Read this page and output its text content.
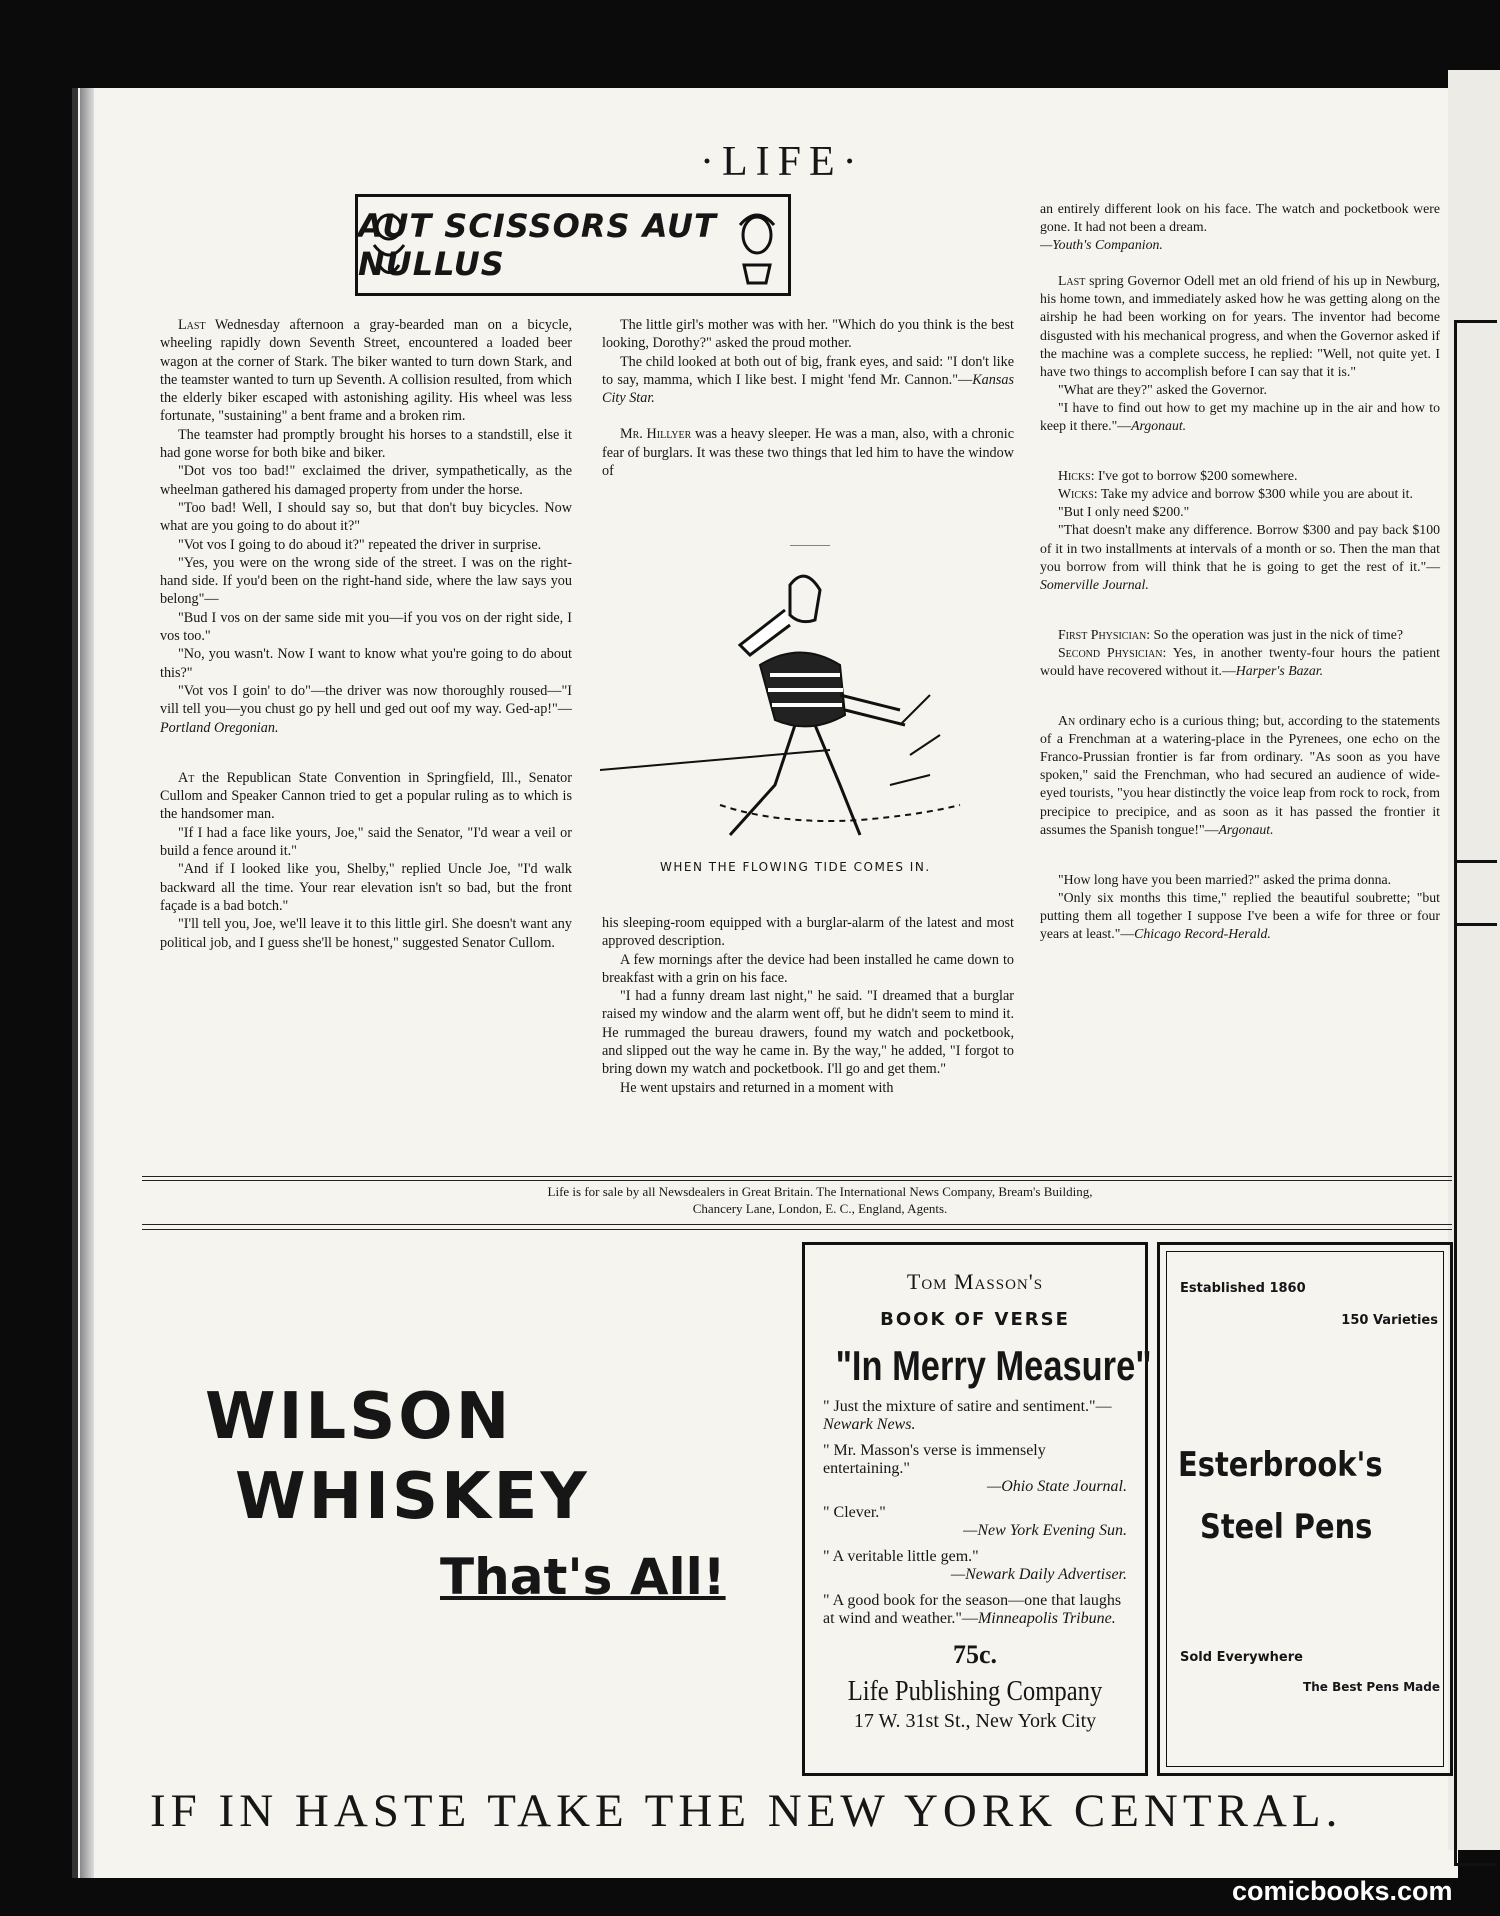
·LIFE·
AUT SCISSORS AUT NULLUS

Last Wednesday afternoon a gray-bearded man on a bicycle, wheeling rapidly down Seventh Street, encountered a loaded beer wagon at the corner of Stark. The biker wanted to turn down Stark, and the teamster wanted to turn up Seventh. A collision resulted, from which the elderly biker escaped with astonishing agility. His wheel was less fortunate, "sustaining" a bent frame and a broken rim.

The teamster had promptly brought his horses to a standstill, else it had gone worse for both bike and biker.

"Dot vos too bad!" exclaimed the driver, sympathetically, as the wheelman gathered his damaged property from under the horse.

"Too bad! Well, I should say so, but that don't buy bicycles. Now what are you going to do about it?"

"Vot vos I going to do aboud it?" repeated the driver in surprise.

"Yes, you were on the wrong side of the street. I was on the right-hand side. If you'd been on the right-hand side, where the law says you belong"—

"Bud I vos on der same side mit you—if you vos on der right side, I vos too."

"No, you wasn't. Now I want to know what you're going to do about this?"

"Vot vos I goin' to do"—the driver was now thoroughly roused—"I vill tell you—you chust go py hell und ged out oof my way. Ged-ap!"—Portland Oregonian.

At the Republican State Convention in Springfield, Ill., Senator Cullom and Speaker Cannon tried to get a popular ruling as to which is the handsomer man.

"If I had a face like yours, Joe," said the Senator, "I'd wear a veil or build a fence around it."

"And if I looked like you, Shelby," replied Uncle Joe, "I'd walk backward all the time. Your rear elevation isn't so bad, but the front façade is a bad botch."

"I'll tell you, Joe, we'll leave it to this little girl. She doesn't want any political job, and I guess she'll be honest," suggested Senator Cullom.

The little girl's mother was with her. "Which do you think is the best looking, Dorothy?" asked the proud mother.

The child looked at both out of big, frank eyes, and said: "I don't like to say, mamma, which I like best. I might 'fend Mr. Cannon."—Kansas City Star.

Mr. Hillyer was a heavy sleeper. He was a man, also, with a chronic fear of burglars. It was these two things that led him to have the window of

WHEN THE FLOWING TIDE COMES IN.

his sleeping-room equipped with a burglar-alarm of the latest and most approved description.

A few mornings after the device had been installed he came down to breakfast with a grin on his face.

"I had a funny dream last night," he said. "I dreamed that a burglar raised my window and the alarm went off, but he didn't seem to mind it. He rummaged the bureau drawers, found my watch and pocketbook, and slipped out the way he came in. By the way," he added, "I forgot to bring down my watch and pocketbook. I'll go and get them."

He went upstairs and returned in a moment with

an entirely different look on his face. The watch and pocketbook were gone. It had not been a dream.
—Youth's Companion.

Last spring Governor Odell met an old friend of his up in Newburg, his home town, and immediately asked how he was getting along on the airship he had been working on for years. The inventor had become disgusted with his mechanical progress, and when the Governor asked if the machine was a complete success, he replied: "Well, not quite yet. I have two things to accomplish before I can say that it is."

"What are they?" asked the Governor.

"I have to find out how to get my machine up in the air and how to keep it there."—Argonaut.

Hicks: I've got to borrow $200 somewhere.

Wicks: Take my advice and borrow $300 while you are about it.

"But I only need $200."

"That doesn't make any difference. Borrow $300 and pay back $100 of it in two installments at intervals of a month or so. Then the man that you borrow from will think that he is going to get the rest of it."—Somerville Journal.

First Physician: So the operation was just in the nick of time?

Second Physician: Yes, in another twenty-four hours the patient would have recovered without it.—Harper's Bazar.

An ordinary echo is a curious thing; but, according to the statements of a Frenchman at a watering-place in the Pyrenees, one echo on the Franco-Prussian frontier is far from ordinary. "As soon as you have spoken," said the Frenchman, who had secured an audience of wide-eyed tourists, "you hear distinctly the voice leap from rock to rock, from precipice to precipice, and as soon as it has passed the frontier it assumes the Spanish tongue!"—Argonaut.

"How long have you been married?" asked the prima donna.

"Only six months this time," replied the beautiful soubrette; "but putting them all together I suppose I've been a wife for three or four years at least."—Chicago Record-Herald.

Life is for sale by all Newsdealers in Great Britain. The International News Company, Bream's Building, Chancery Lane, London, E. C., England, Agents.
WILSON
WHISKEY
That's All!
Tom Masson's
BOOK OF VERSE
"In Merry Measure"
" Just the mixture of satire and sentiment."—Newark News.
" Mr. Masson's verse is immensely entertaining."
—Ohio State Journal.
" Clever."
—New York Evening Sun.
" A veritable little gem."
—Newark Daily Advertiser.
" A good book for the season—one that laughs at wind and weather."—Minneapolis Tribune.
75c.
Life Publishing Company
17 W. 31st St., New York City
Established 1860
150 Varieties
Esterbrook's
Steel Pens
Sold Everywhere
The Best Pens Made
IF IN HASTE TAKE THE NEW YORK CENTRAL.
comicbooks.com
